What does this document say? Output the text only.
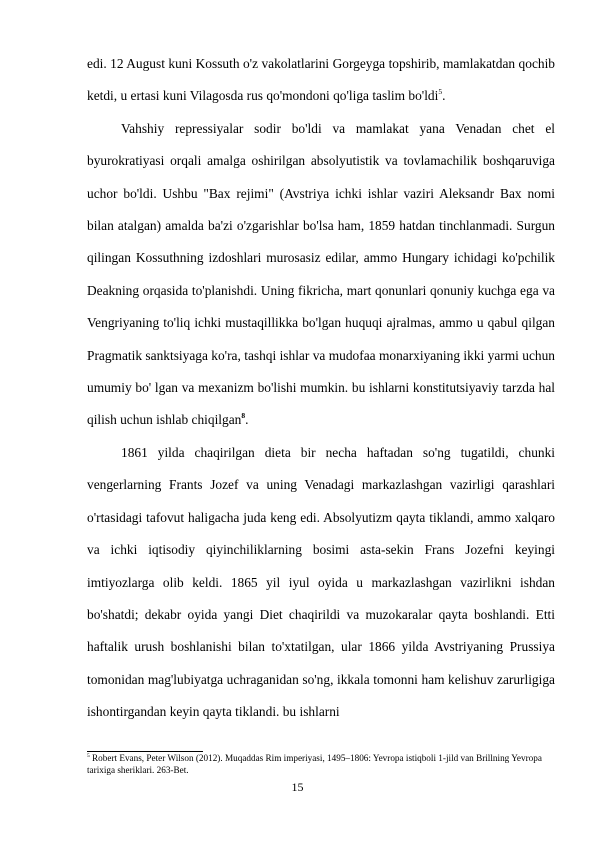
edi. 12 August kuni Kossuth o'z vakolatlarini Gorgeyga topshirib, mamlakatdan qochib ketdi, u ertasi kuni Vilagosda rus qo'mondoni qo'liga taslim bo'ldi$^5$.

Vahshiy repressiyalar sodir bo'ldi va mamlakat yana Venadan chet el byurokratiyasi orqali amalga oshirilgan absolyutistik va tovlamachilik boshqaruviga uchor bo'ldi. Ushbu "Bax rejimi" (Avstriya ichki ishlar vaziri Aleksandr Bax nomi bilan atalgan) amalda ba'zi o'zgarishlar bo'lsa ham, 1859 hatdan tinchlanmadi. Surgun qilingan Kossuthning izdoshlari murosasiz edilar, ammo Hungary ichidagi ko'pchilik Deakning orqasida to'planishdi. Uning fikricha, mart qonunlari qonuniy kuchga ega va Vengriyaning to'liq ichki mustaqillikka bo'lgan huquqi ajralmas, ammo u qabul qilgan Pragmatik sanktsiyaga ko'ra, tashqi ishlar va mudofaa monarxiyaning ikki yarmi uchun umumiy bo' lgan va mexanizm bo'lishi mumkin. bu ishlarni konstitutsiyaviy tarzda hal qilish uchun ishlab chiqilgan$^8$.

1861 yilda chaqirilgan dieta bir necha haftadan so'ng tugatildi, chunki vengerlarning Frants Jozef va uning Venadagi markazlashgan vazirligi qarashlari o'rtasidagi tafovut haligacha juda keng edi. Absolyutizm qayta tiklandi, ammo xalqaro va ichki iqtisodiy qiyinchiliklarning bosimi asta-sekin Frans Jozefni keyingi imtiyozlarga olib keldi. 1865 yil iyul oyida u markazlashgan vazirlikni ishdan bo'shatdi; dekabr oyida yangi Diet chaqirildi va muzokaralar qayta boshlandi. Etti haftalik urush boshlanishi bilan to'xtatilgan, ular 1866 yilda Avstriyaning Prussiya tomonidan mag'lubiyatga uchraganidan so'ng, ikkala tomonni ham kelishuv zarurligiga ishontirgandan keyin qayta tiklandi. bu ishlarni

$^5$ Robert Evans, Peter Wilson (2012). Muqaddas Rim imperiyasi, 1495–1806: Yevropa istiqboli 1-jild van Brillning Yevropa tarixiga sheriklari. 263-Bet.
15
